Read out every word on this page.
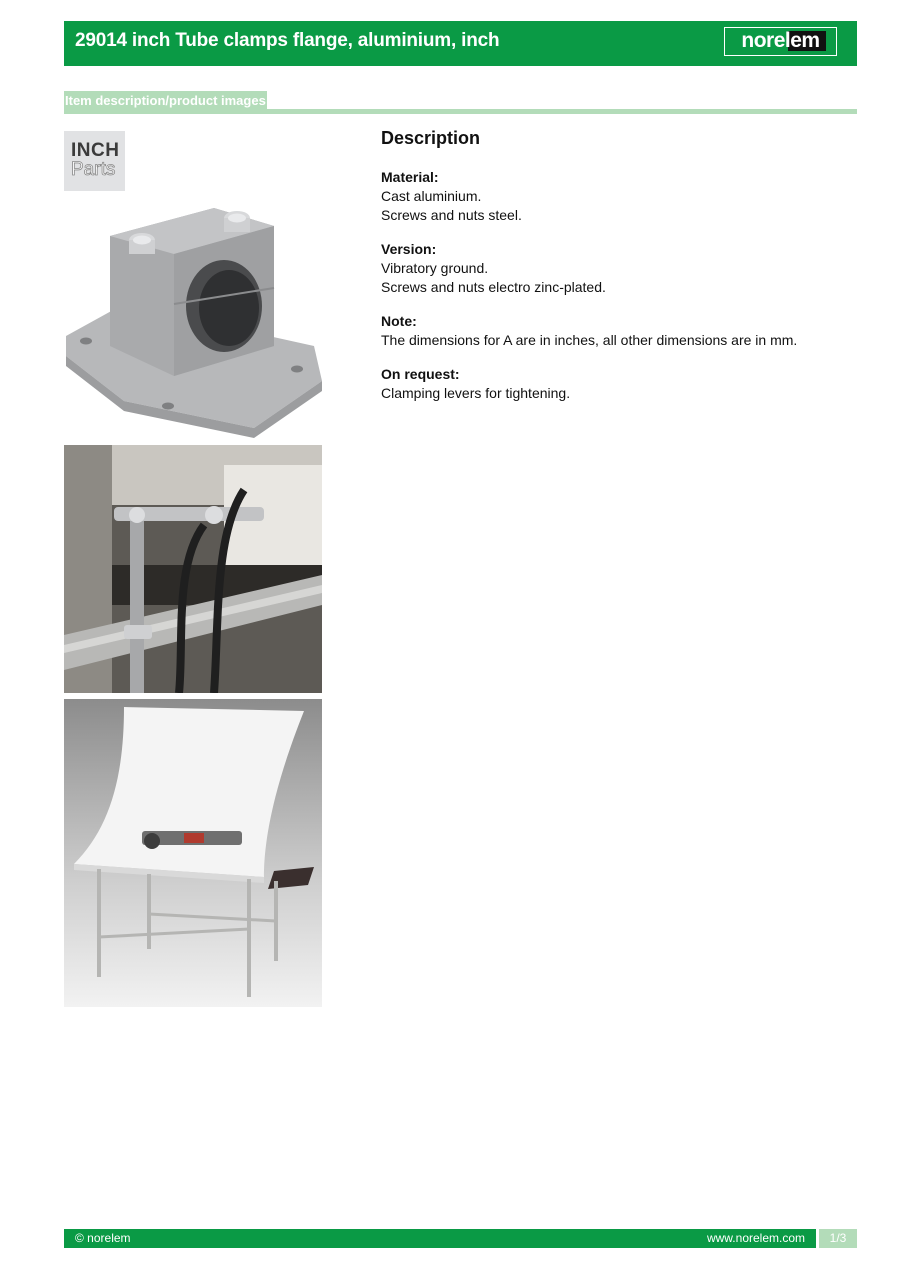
29014 inch Tube clamps flange, aluminium, inch	norelem
Item description/product images
INCH
Parts
Description
Material:
Cast aluminium.
Screws and nuts steel.
Version:
Vibratory ground.
Screws and nuts electro zinc-plated.
Note:
The dimensions for A are in inches, all other dimensions are in mm.
On request:
Clamping levers for tightening.
© norelem	www.norelem.com	1/3
